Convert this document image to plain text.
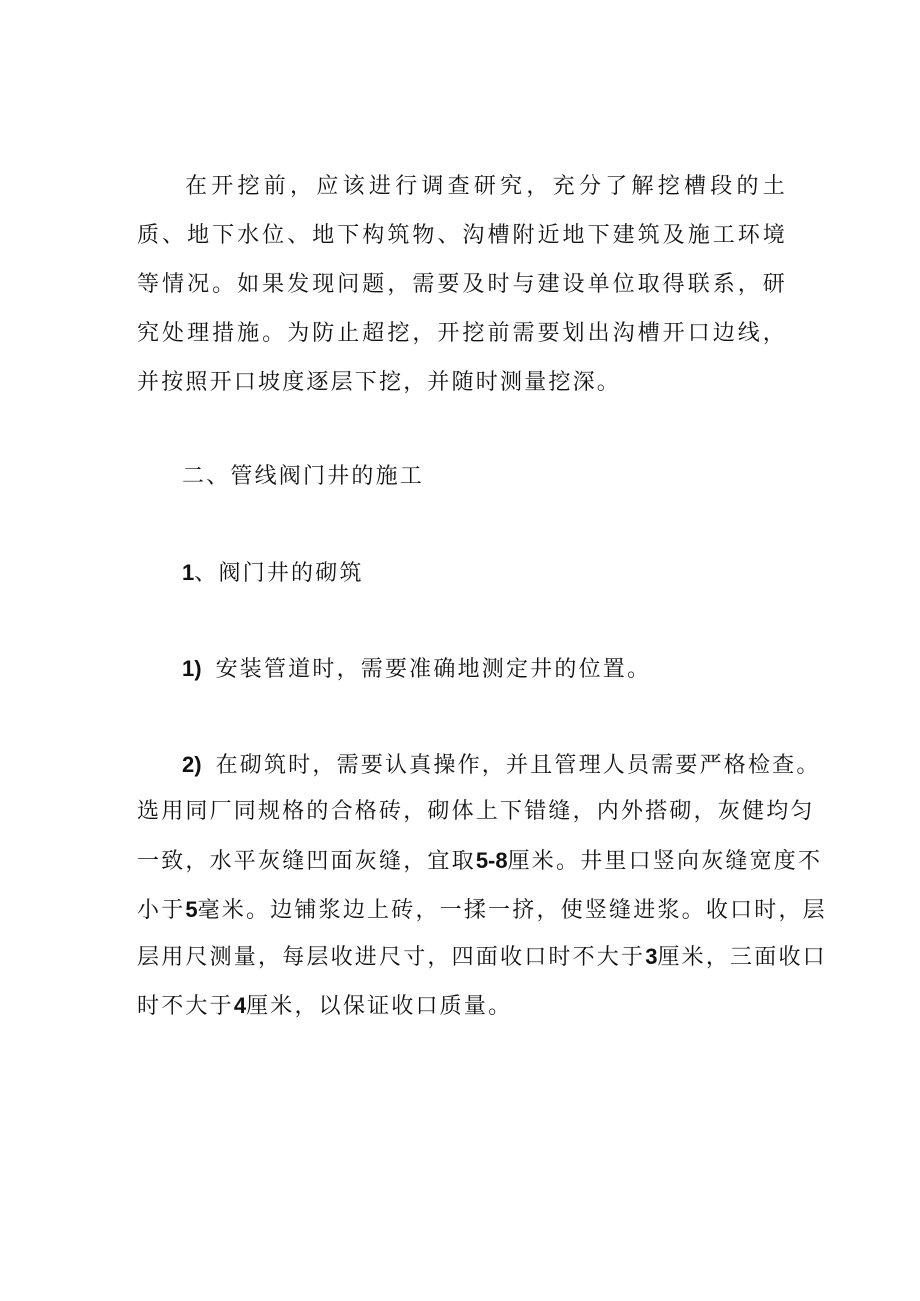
在开挖前，应该进行调查研究，充分了解挖槽段的土质、地下水位、地下构筑物、沟槽附近地下建筑及施工环境等情况。如果发现问题，需要及时与建设单位取得联系，研究处理措施。为防止超挖，开挖前需要划出沟槽开口边线，并按照开口坡度逐层下挖，并随时测量挖深。

二、管线阀门井的施工

1、阀门井的砌筑

1) 安装管道时，需要准确地测定井的位置。

2) 在砌筑时，需要认真操作，并且管理人员需要严格检查。

选用同厂同规格的合格砖，砌体上下错缝，内外搭砌，灰健均匀

一致，水平灰缝凹面灰缝，宜取5-8厘米。井里口竖向灰缝宽度不

小于5毫米。边铺浆边上砖，一揉一挤，使竖缝进浆。收口时，层

层用尺测量，每层收进尺寸，四面收口时不大于3厘米，三面收口

时不大于4厘米，以保证收口质量。
